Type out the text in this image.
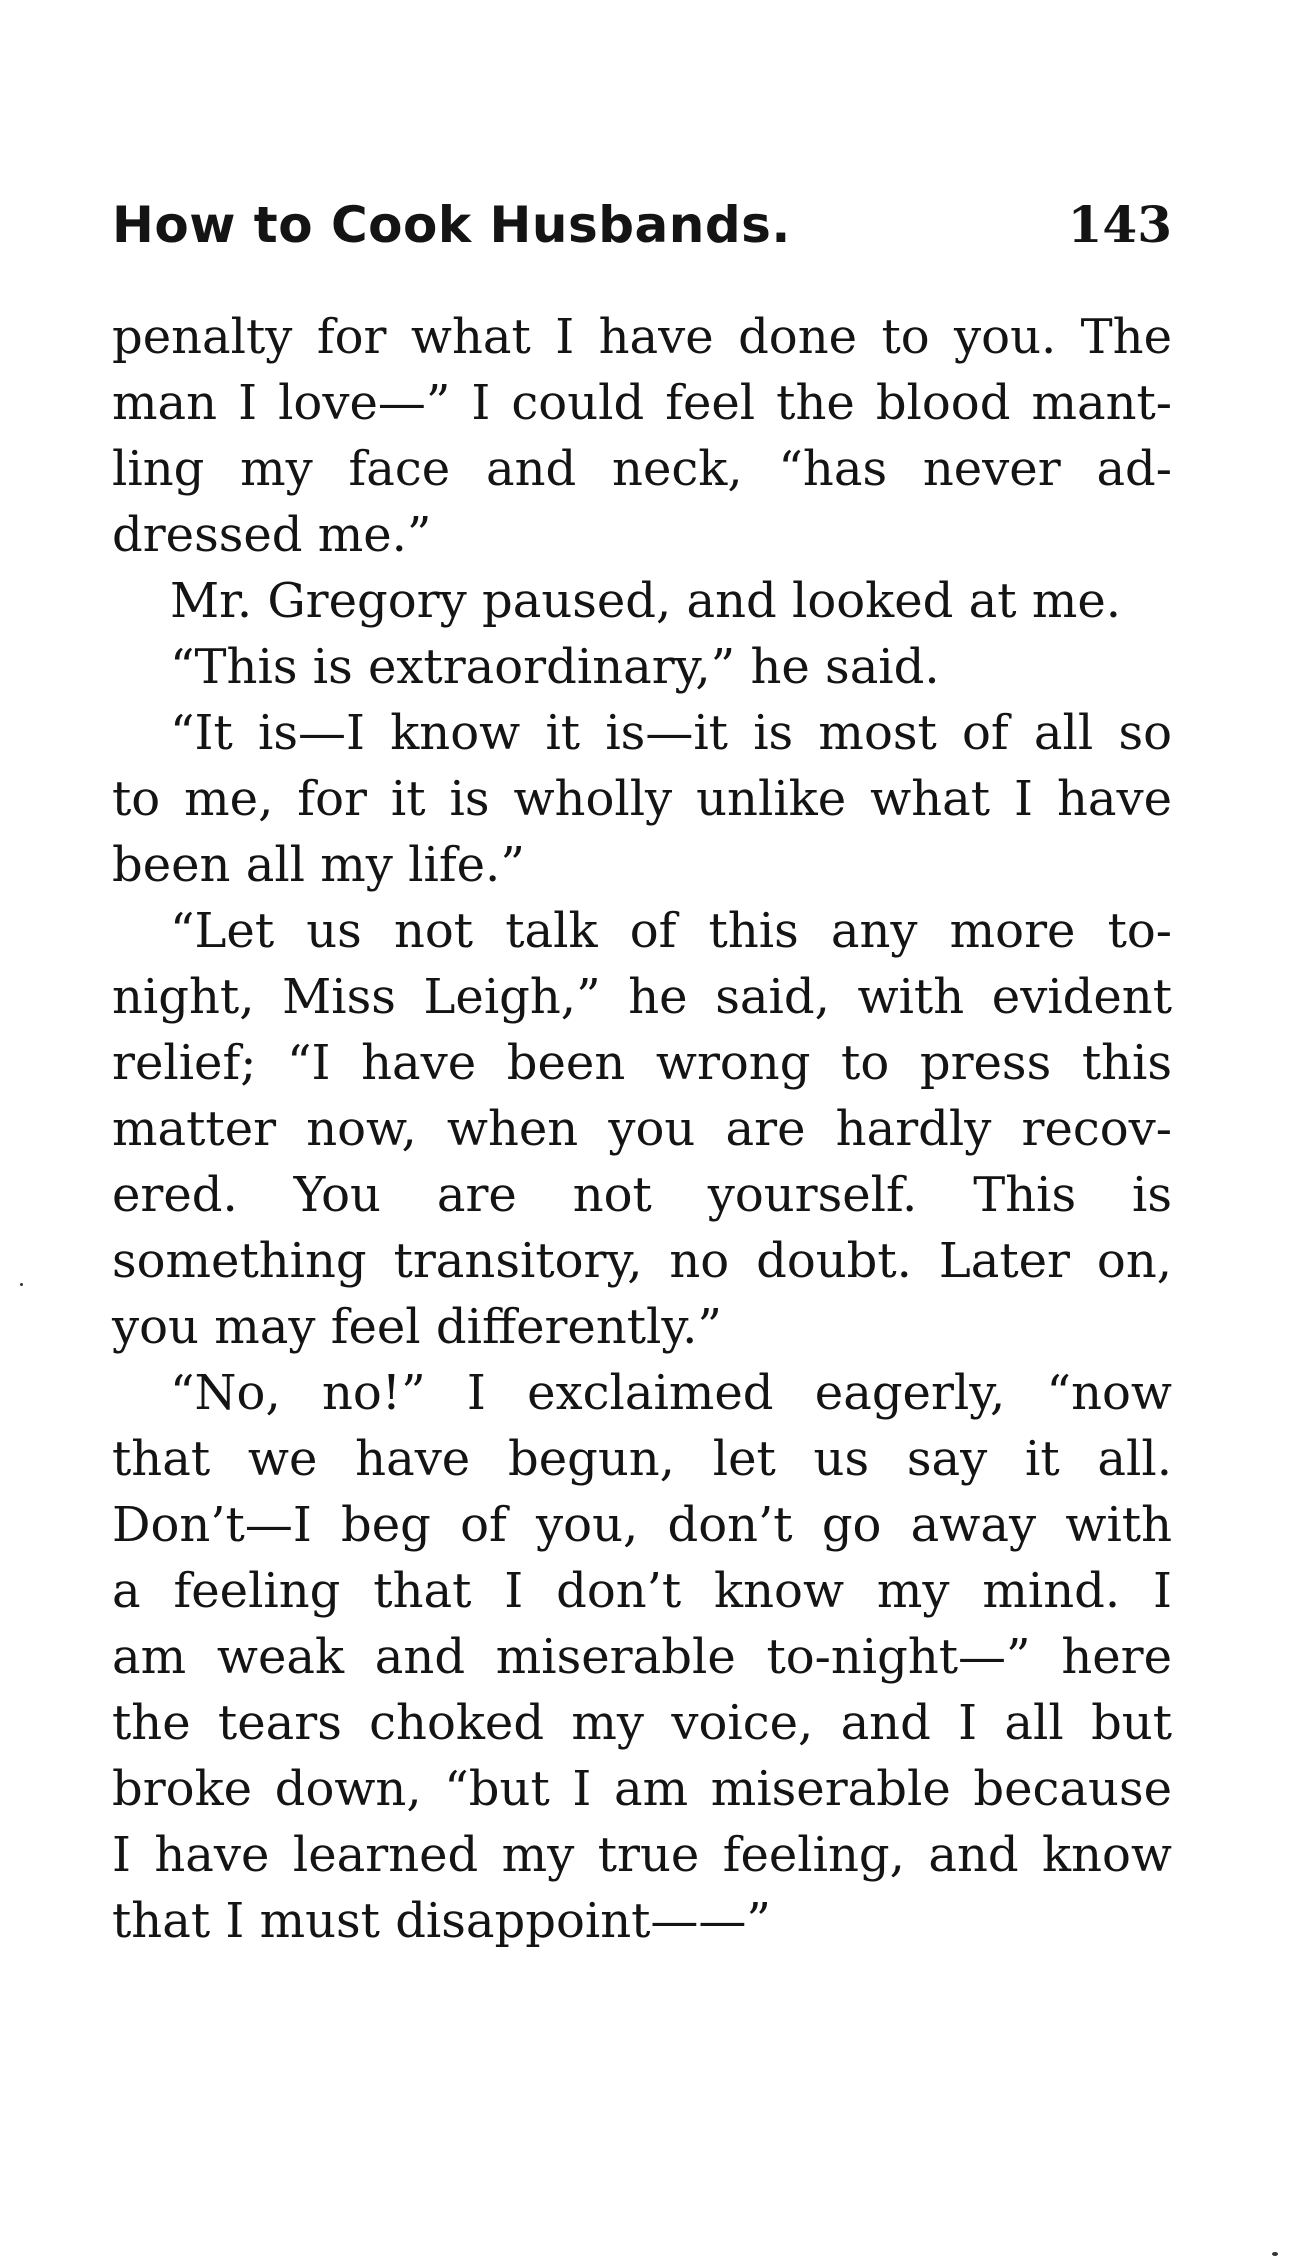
How to Cook Husbands.	143
penalty for what I have done to you. The
man I love—” I could feel the blood mant-
ling my face and neck, “has never ad-
dressed me.”
Mr. Gregory paused, and looked at me.
“This is extraordinary,” he said.
“It is—I know it is—it is most of all so
to me, for it is wholly unlike what I have
been all my life.”
“Let us not talk of this any more to-
night, Miss Leigh,” he said, with evident
relief; “I have been wrong to press this
matter now, when you are hardly recov-
ered. You are not yourself. This is
something transitory, no doubt. Later on,
you may feel differently.”
“No, no!” I exclaimed eagerly, “now
that we have begun, let us say it all.
Don’t—I beg of you, don’t go away with
a feeling that I don’t know my mind. I
am weak and miserable to-night—” here
the tears choked my voice, and I all but
broke down, “but I am miserable because
I have learned my true feeling, and know
that I must disappoint——”
